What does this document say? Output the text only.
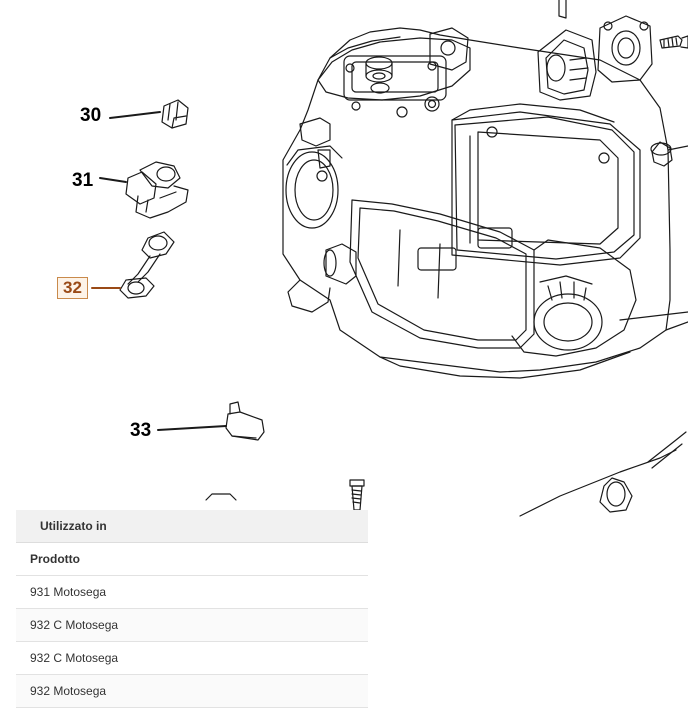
30
31
32
33
Utilizzato in
Prodotto
931 Motosega
932 C Motosega
932 C Motosega
932 Motosega
